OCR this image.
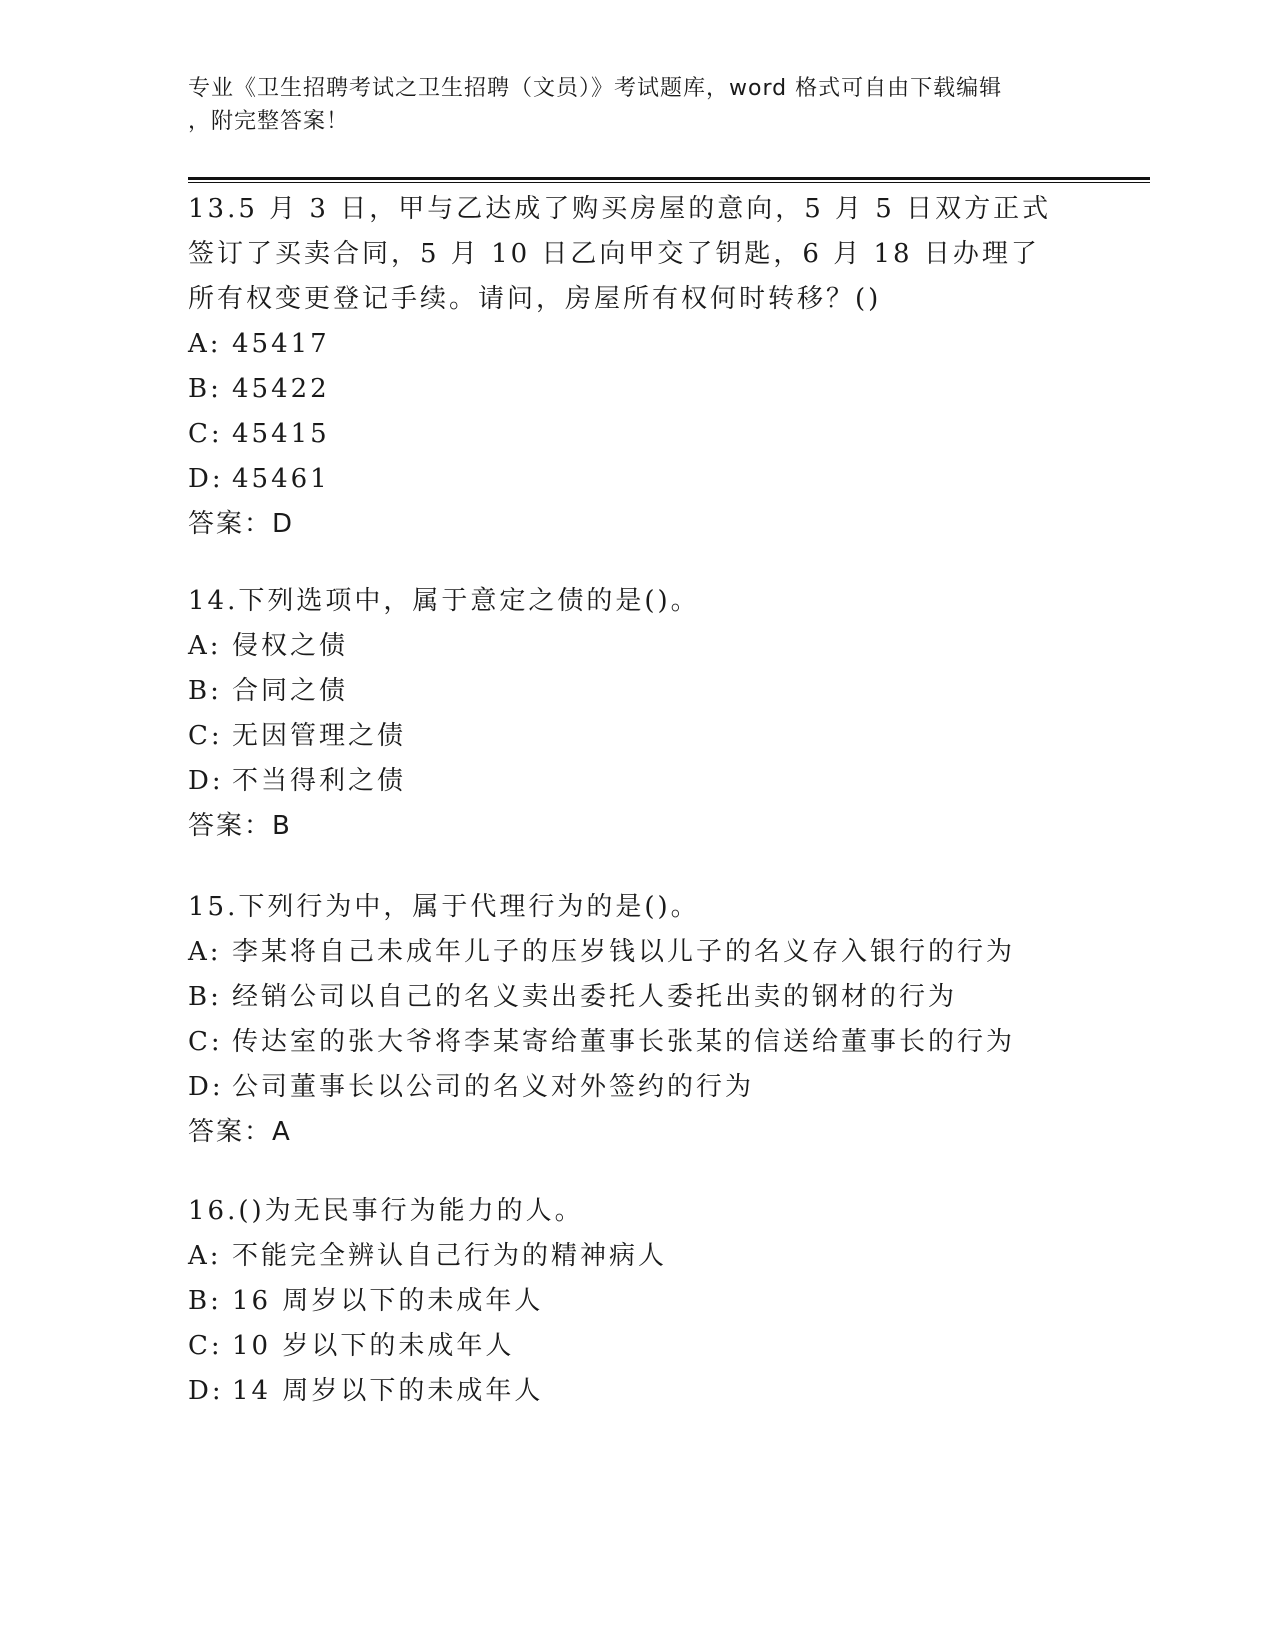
专业《卫生招聘考试之卫生招聘（文员）》考试题库，word 格式可自由下载编辑
，附完整答案！

13.5 月 3 日，甲与乙达成了购买房屋的意向，5 月 5 日双方正式签订了买卖合同，5 月 10 日乙向甲交了钥匙，6 月 18 日办理了所有权变更登记手续。请问，房屋所有权何时转移？()

A: 45417
B: 45422
C: 45415
D: 45461
答案：D

14.下列选项中，属于意定之债的是()。

A: 侵权之债
B: 合同之债
C: 无因管理之债
D: 不当得利之债
答案：B

15.下列行为中，属于代理行为的是()。

A: 李某将自己未成年儿子的压岁钱以儿子的名义存入银行的行为
B: 经销公司以自己的名义卖出委托人委托出卖的钢材的行为
C: 传达室的张大爷将李某寄给董事长张某的信送给董事长的行为
D: 公司董事长以公司的名义对外签约的行为
答案：A

16.()为无民事行为能力的人。

A: 不能完全辨认自己行为的精神病人
B: 16 周岁以下的未成年人
C: 10 岁以下的未成年人
D: 14 周岁以下的未成年人
